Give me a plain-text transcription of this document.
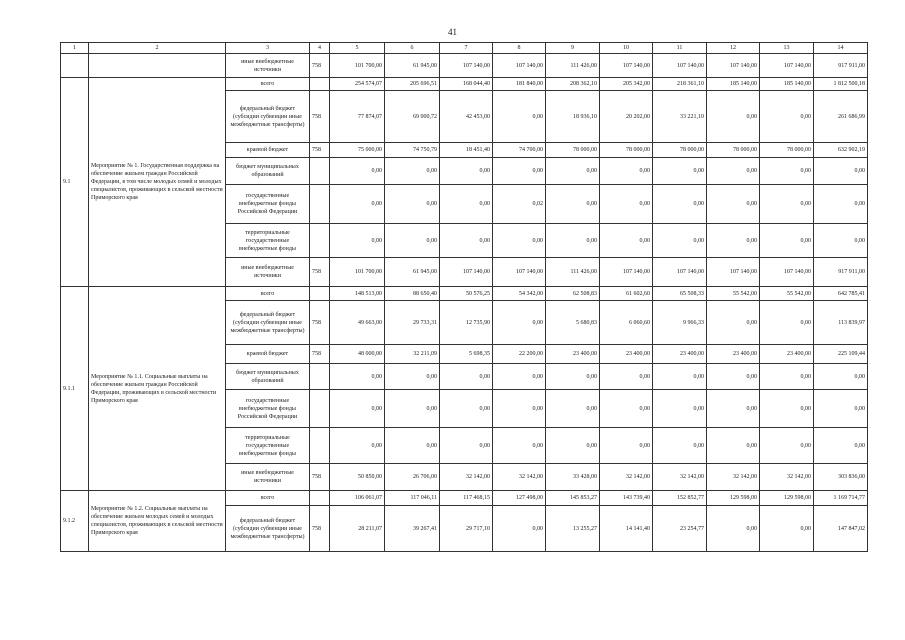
41
1	2	3	4	5	6	7	8	9	10	11	12	13	14
		иные внебюджетные источники	758	101 700,00	61 945,00	107 140,00	107 140,00	111 426,00	107 140,00	107 140,00	107 140,00	107 140,00	917 911,00
9.1	Мероприятие № 1. Государственная поддержка на обеспечение жильем граждан Российской Федерации, в том числе молодых семей и молодых специалистов, проживающих в сельской местности Приморского края	всего		254 574,07	205 696,51	168 044,40	181 840,00	208 362,10	205 342,00	218 361,10	185 140,00	185 140,00	1 812 500,18
		федеральный бюджет (субсидии субвенции иные межбюджетные трансферты)	758	77 874,07	69 000,72	42 453,00	0,00	18 936,10	20 202,00	33 221,10	0,00	0,00	261 686,99
		краевой бюджет	758	75 000,00	74 750,79	18 451,40	74 700,00	78 000,00	78 000,00	78 000,00	78 000,00	78 000,00	632 902,19
		бюджет муниципальных образований		0,00	0,00	0,00	0,00	0,00	0,00	0,00	0,00	0,00	0,00
		государственные внебюджетные фонды Российской Федерации		0,00	0,00	0,00	0,02	0,00	0,00	0,00	0,00	0,00	0,00
		территориальные государственные внебюджетные фонды		0,00	0,00	0,00	0,00	0,00	0,00	0,00	0,00	0,00	0,00
		иные внебюджетные источники	758	101 700,00	61 945,00	107 140,00	107 140,00	111 426,00	107 140,00	107 140,00	107 140,00	107 140,00	917 911,00
9.1.1	Мероприятие № 1.1. Социальные выплаты на обеспечение жильем граждан Российской Федерации, проживающих в сельской местности Приморского края	всего		148 513,00	88 650,40	50 576,25	54 342,00	62 508,83	61 602,60	65 508,33	55 542,00	55 542,00	642 785,41
		федеральный бюджет (субсидии субвенции иные межбюджетные трансферты)	758	49 663,00	29 733,31	12 735,90	0,00	5 680,83	6 060,60	9 966,33	0,00	0,00	113 839,97
		краевой бюджет	758	48 000,00	32 211,09	5 698,35	22 200,00	23 400,00	23 400,00	23 400,00	23 400,00	23 400,00	225 109,44
		бюджет муниципальных образований		0,00	0,00	0,00	0,00	0,00	0,00	0,00	0,00	0,00	0,00
		государственные внебюджетные фонды Российской Федерации		0,00	0,00	0,00	0,00	0,00	0,00	0,00	0,00	0,00	0,00
		территориальные государственные внебюджетные фонды		0,00	0,00	0,00	0,00	0,00	0,00	0,00	0,00	0,00	0,00
		иные внебюджетные источники	758	50 850,00	26 706,00	32 142,00	32 142,00	33 428,00	32 142,00	32 142,00	32 142,00	32 142,00	303 836,00
9.1.2	Мероприятие № 1.2. Социальные выплаты на обеспечение жильем молодых семей и молодых специалистов, проживающих в сельской местности Приморского края	всего		106 061,07	117 046,11	117 468,15	127 498,00	145 853,27	143 739,40	152 852,77	129 598,00	129 598,00	1 169 714,77
		федеральный бюджет (субсидии субвенции иные межбюджетные трансферты)	758	28 211,07	39 267,41	29 717,10	0,00	13 255,27	14 141,40	23 254,77	0,00	0,00	147 847,02
